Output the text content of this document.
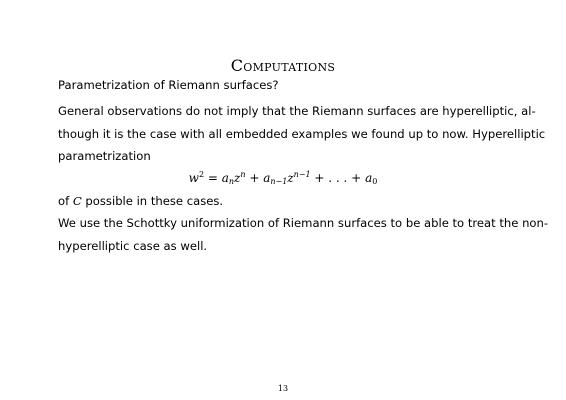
Computations
Parametrization of Riemann surfaces?
General observations do not imply that the Riemann surfaces are hyperelliptic, al-
though it is the case with all embedded examples we found up to now. Hyperelliptic
parametrization
$w^2 = a_nz^n + a_{n-1}z^{n-1}$ + . . . + $a_0$
of C possible in these cases.
We use the Schottky uniformization of Riemann surfaces to be able to treat the non-
hyperelliptic case as well.
13
